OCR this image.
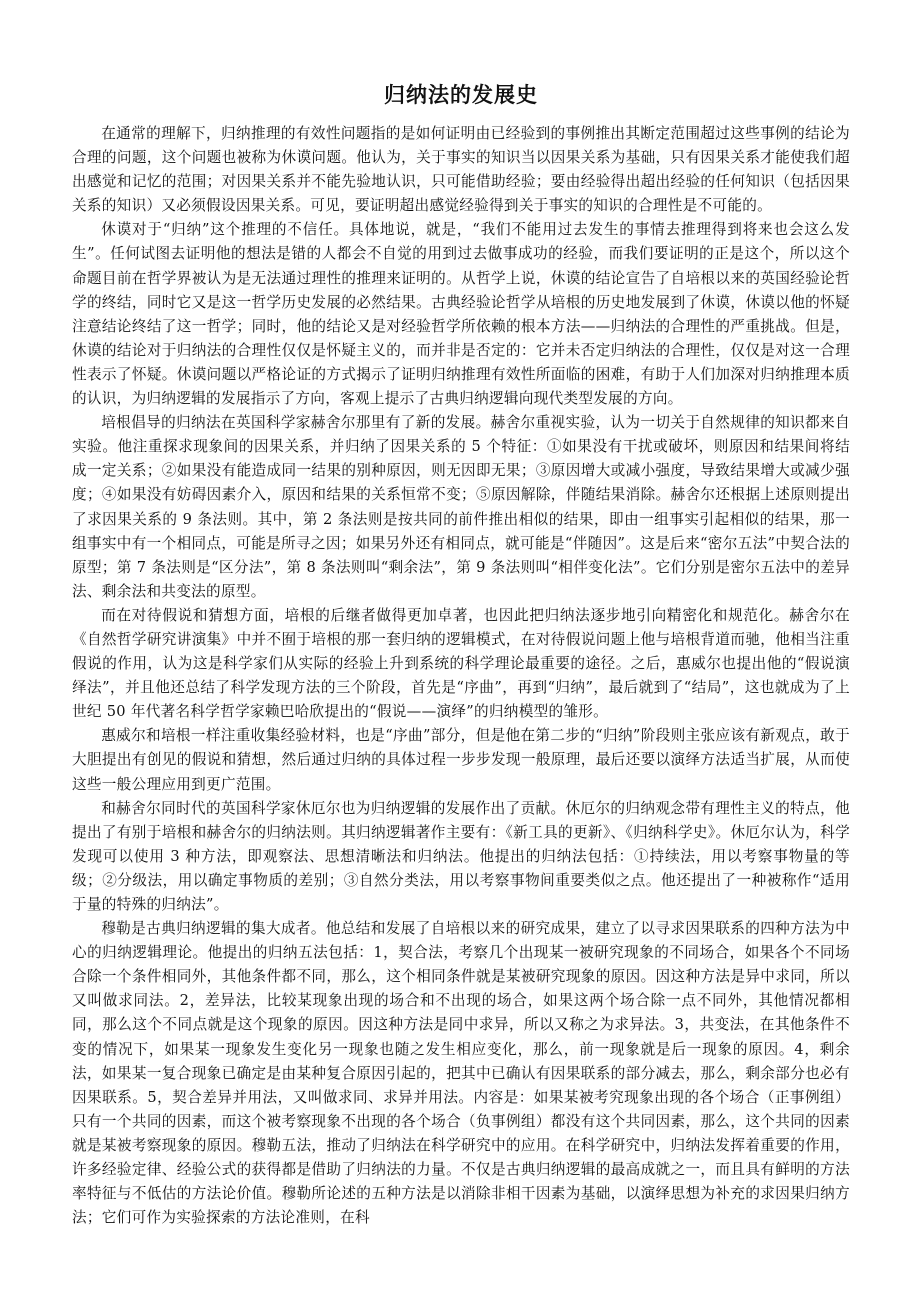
归纳法的发展史

在通常的理解下，归纳推理的有效性问题指的是如何证明由已经验到的事例推出其断定范围超过这些事例的结论为合理的问题，这个问题也被称为休谟问题。他认为，关于事实的知识当以因果关系为基础，只有因果关系才能使我们超出感觉和记忆的范围；对因果关系并不能先验地认识，只可能借助经验；要由经验得出超出经验的任何知识（包括因果关系的知识）又必须假设因果关系。可见，要证明超出感觉经验得到关于事实的知识的合理性是不可能的。

休谟对于“归纳”这个推理的不信任。具体地说，就是，“我们不能用过去发生的事情去推理得到将来也会这么发生”。任何试图去证明他的想法是错的人都会不自觉的用到过去做事成功的经验，而我们要证明的正是这个，所以这个命题目前在哲学界被认为是无法通过理性的推理来证明的。从哲学上说，休谟的结论宣告了自培根以来的英国经验论哲学的终结，同时它又是这一哲学历史发展的必然结果。古典经验论哲学从培根的历史地发展到了休谟，休谟以他的怀疑注意结论终结了这一哲学；同时，他的结论又是对经验哲学所依赖的根本方法——归纳法的合理性的严重挑战。但是，休谟的结论对于归纳法的合理性仅仅是怀疑主义的，而并非是否定的：它并未否定归纳法的合理性，仅仅是对这一合理性表示了怀疑。休谟问题以严格论证的方式揭示了证明归纳推理有效性所面临的困难，有助于人们加深对归纳推理本质的认识，为归纳逻辑的发展指示了方向，客观上提示了古典归纳逻辑向现代类型发展的方向。

培根倡导的归纳法在英国科学家赫舍尔那里有了新的发展。赫舍尔重视实验，认为一切关于自然规律的知识都来自实验。他注重探求现象间的因果关系，并归纳了因果关系的 5 个特征：①如果没有干扰或破坏，则原因和结果间将结成一定关系；②如果没有能造成同一结果的别种原因，则无因即无果；③原因增大或减小强度，导致结果增大或减少强度；④如果没有妨碍因素介入，原因和结果的关系恒常不变；⑤原因解除，伴随结果消除。赫舍尔还根据上述原则提出了求因果关系的 9 条法则。其中，第 2 条法则是按共同的前件推出相似的结果，即由一组事实引起相似的结果，那一组事实中有一个相同点，可能是所寻之因；如果另外还有相同点，就可能是“伴随因”。这是后来“密尔五法”中契合法的原型；第 7 条法则是“区分法”，第 8 条法则叫“剩余法”，第 9 条法则叫“相伴变化法”。它们分别是密尔五法中的差异法、剩余法和共变法的原型。

而在对待假说和猜想方面，培根的后继者做得更加卓著，也因此把归纳法逐步地引向精密化和规范化。赫舍尔在《自然哲学研究讲演集》中并不囿于培根的那一套归纳的逻辑模式，在对待假说问题上他与培根背道而驰，他相当注重假说的作用，认为这是科学家们从实际的经验上升到系统的科学理论最重要的途径。之后，惠威尔也提出他的“假说演绎法”，并且他还总结了科学发现方法的三个阶段，首先是“序曲”，再到“归纳”，最后就到了“结局”，这也就成为了上世纪 50 年代著名科学哲学家赖巴哈欣提出的“假说——演绎”的归纳模型的雏形。

惠威尔和培根一样注重收集经验材料，也是“序曲”部分，但是他在第二步的“归纳”阶段则主张应该有新观点，敢于大胆提出有创见的假说和猜想，然后通过归纳的具体过程一步步发现一般原理，最后还要以演绎方法适当扩展，从而使这些一般公理应用到更广范围。

和赫舍尔同时代的英国科学家休厄尔也为归纳逻辑的发展作出了贡献。休厄尔的归纳观念带有理性主义的特点，他提出了有别于培根和赫舍尔的归纳法则。其归纳逻辑著作主要有：《新工具的更新》、《归纳科学史》。休厄尔认为，科学发现可以使用 3 种方法，即观察法、思想清晰法和归纳法。他提出的归纳法包括：①持续法，用以考察事物量的等级；②分级法，用以确定事物质的差别；③自然分类法，用以考察事物间重要类似之点。他还提出了一种被称作“适用于量的特殊的归纳法”。

穆勒是古典归纳逻辑的集大成者。他总结和发展了自培根以来的研究成果，建立了以寻求因果联系的四种方法为中心的归纳逻辑理论。他提出的归纳五法包括：1，契合法，考察几个出现某一被研究现象的不同场合，如果各个不同场合除一个条件相同外，其他条件都不同，那么，这个相同条件就是某被研究现象的原因。因这种方法是异中求同，所以又叫做求同法。2，差异法，比较某现象出现的场合和不出现的场合，如果这两个场合除一点不同外，其他情况都相同，那么这个不同点就是这个现象的原因。因这种方法是同中求异，所以又称之为求异法。3，共变法，在其他条件不变的情况下，如果某一现象发生变化另一现象也随之发生相应变化，那么，前一现象就是后一现象的原因。4，剩余法，如果某一复合现象已确定是由某种复合原因引起的，把其中已确认有因果联系的部分减去，那么，剩余部分也必有因果联系。5，契合差异并用法，又叫做求同、求异并用法。内容是：如果某被考究现象出现的各个场合（正事例组）只有一个共同的因素，而这个被考察现象不出现的各个场合（负事例组）都没有这个共同因素，那么，这个共同的因素就是某被考察现象的原因。穆勒五法，推动了归纳法在科学研究中的应用。在科学研究中，归纳法发挥着重要的作用，许多经验定律、经验公式的获得都是借助了归纳法的力量。不仅是古典归纳逻辑的最高成就之一，而且具有鲜明的方法率特征与不低估的方法论价值。穆勒所论述的五种方法是以消除非相干因素为基础，以演绎思想为补充的求因果归纳方法；它们可作为实验探索的方法论准则，在科
